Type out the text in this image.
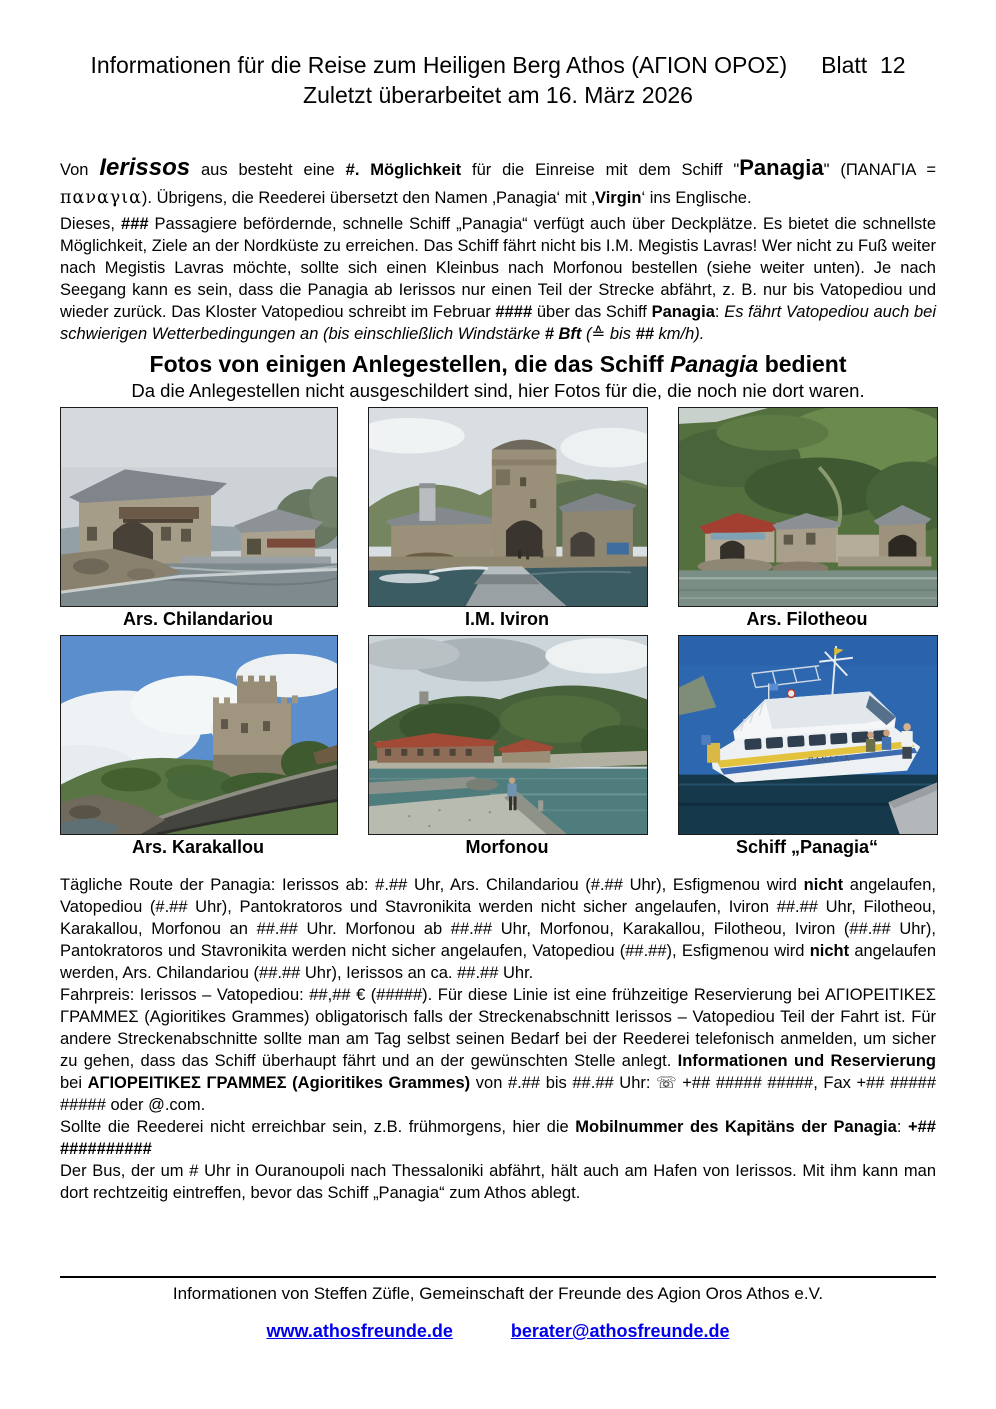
Informationen für die Reise zum Heiligen Berg Athos (ΑΓΙΟΝ ΟΡΟΣ) Blatt  12
Zuletzt überarbeitet am 16. März 2026

Von Ierissos aus besteht eine #. Möglichkeit für die Einreise mit dem Schiff "Panagia" (ΠΑΝΑΓΙΑ = παναγια). Übrigens, die Reederei übersetzt den Namen ‚Panagia‘ mit ‚Virgin‘ ins Englische.

Dieses, ### Passagiere befördernde, schnelle Schiff „Panagia“ verfügt auch über Deckplätze. Es bietet die schnellste Möglichkeit, Ziele an der Nordküste zu erreichen. Das Schiff fährt nicht bis I.M. Megistis Lavras! Wer nicht zu Fuß weiter nach Megistis Lavras möchte, sollte sich einen Kleinbus nach Morfonou bestellen (siehe weiter unten). Je nach Seegang kann es sein, dass die Panagia ab Ierissos nur einen Teil der Strecke abfährt, z. B. nur bis Vatopediou und wieder zurück. Das Kloster Vatopediou schreibt im Februar #### über das Schiff Panagia: Es fährt Vatopediou auch bei schwierigen Wetterbedingungen an (bis einschließlich Windstärke # Bft (≙ bis ## km/h).

Fotos von einigen Anlegestellen, die das Schiff Panagia bedient

Da die Anlegestellen nicht ausgeschildert sind, hier Fotos für die, die noch nie dort waren.

Ars. Chilandariou	I.M. Iviron	Ars. Filotheou
Ars. Karakallou	Morfonou
ΠΑΝΑΓΙΑ
Schiff „Panagia“

Tägliche Route der Panagia: Ierissos ab: #.## Uhr, Ars. Chilandariou (#.## Uhr), Esfigmenou wird nicht angelaufen, Vatopediou (#.## Uhr), Pantokratoros und Stavronikita werden nicht sicher angelaufen, Iviron ##.## Uhr, Filotheou, Karakallou, Morfonou an ##.## Uhr. Morfonou ab ##.## Uhr, Morfonou, Karakallou, Filotheou, Iviron (##.## Uhr), Pantokratoros und Stavronikita werden nicht sicher angelaufen, Vatopediou (##.##), Esfigmenou wird nicht angelaufen werden, Ars. Chilandariou (##.## Uhr), Ierissos an ca. ##.## Uhr.

Fahrpreis: Ierissos – Vatopediou: ##,## € (#####). Für diese Linie ist eine frühzeitige Reservierung bei ΑΓΙΟΡΕΙΤΙΚΕΣ ΓΡΑΜΜΕΣ (Agioritikes Grammes) obligatorisch falls der Streckenabschnitt Ierissos – Vatopediou Teil der Fahrt ist. Für andere Streckenabschnitte sollte man am Tag selbst seinen Bedarf bei der Reederei telefonisch anmelden, um sicher zu gehen, dass das Schiff überhaupt fährt und an der gewünschten Stelle anlegt. Informationen und Reservierung bei ΑΓΙΟΡΕΙΤΙΚΕΣ ΓΡΑΜΜΕΣ (Agioritikes Grammes) von #.## bis ##.## Uhr: ☏ +## ##### #####, Fax +## ##### ##### oder @.com.

Sollte die Reederei nicht erreichbar sein, z.B. frühmorgens, hier die Mobilnummer des Kapitäns der Panagia: +## ##########

Der Bus, der um # Uhr in Ouranoupoli nach Thessaloniki abfährt, hält auch am Hafen von Ierissos. Mit ihm kann man dort rechtzeitig eintreffen, bevor das Schiff „Panagia“ zum Athos ablegt.

Informationen von Steffen Züfle, Gemeinschaft der Freunde des Agion Oros Athos e.V.
www.athosfreunde.de	berater@athosfreunde.de
